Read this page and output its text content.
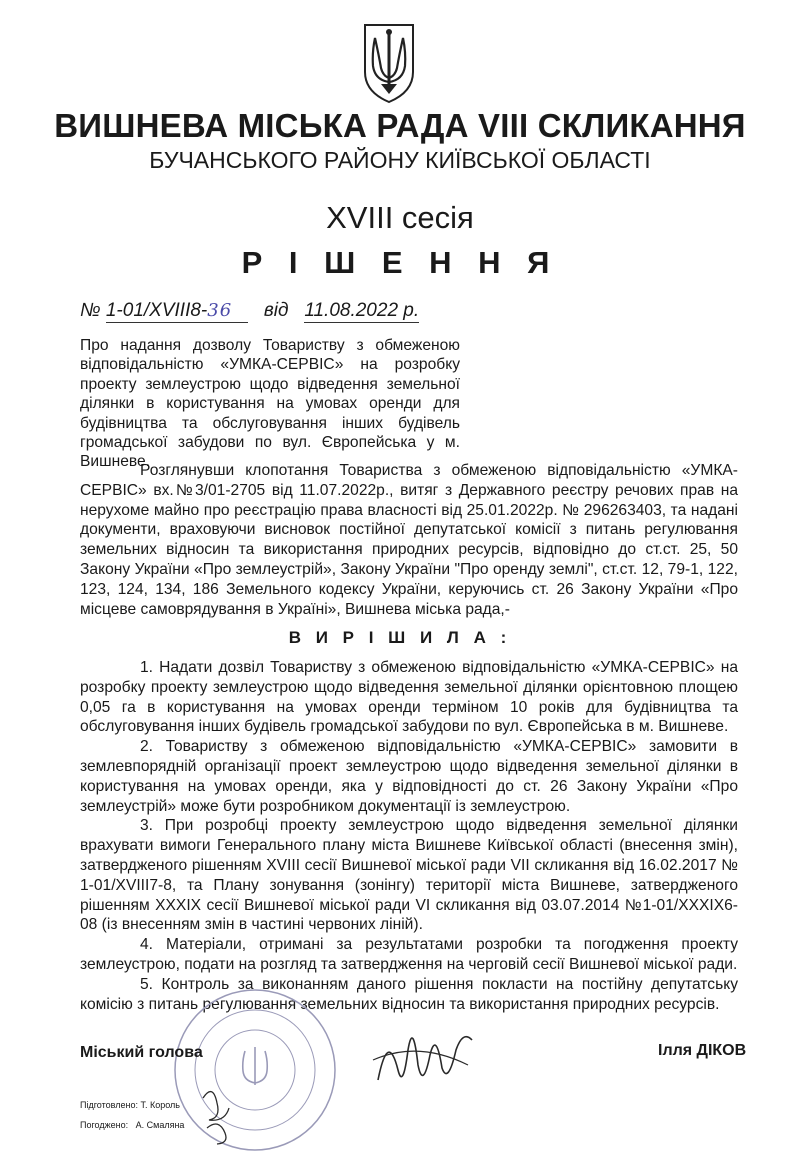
ВИШНЕВА МІСЬКА РАДА VIII СКЛИКАННЯ
БУЧАНСЬКОГО РАЙОНУ КИЇВСЬКОЇ ОБЛАСТІ
XVIII сесія
Р І Ш Е Н Н Я
№ 1-01/XVIII8-36 від 11.08.2022 р.
Про надання дозволу Товариству з обмеженою відповідальністю «УМКА-СЕРВІС» на розробку проекту землеустрою щодо відведення земельної ділянки в користування на умовах оренди для будівництва та обслуговування інших будівель громадської забудови по вул. Європейська у м. Вишневе.
Розглянувши клопотання Товариства з обмеженою відповідальністю «УМКА-СЕРВІС» вх.№3/01-2705 від 11.07.2022р., витяг з Державного реєстру речових прав на нерухоме майно про реєстрацію права власності від 25.01.2022р. № 296263403, та надані документи, враховуючи висновок постійної депутатської комісії з питань регулювання земельних відносин та використання природних ресурсів, відповідно до ст.ст. 25, 50 Закону України «Про землеустрій», Закону України "Про оренду землі", ст.ст. 12, 79-1, 122, 123, 124, 134, 186 Земельного кодексу України, керуючись ст. 26 Закону України «Про місцеве самоврядування в Україні», Вишнева міська рада,-
В И Р І Ш И Л А :

1. Надати дозвіл Товариству з обмеженою відповідальністю «УМКА-СЕРВІС» на розробку проекту землеустрою щодо відведення земельної ділянки орієнтовною площею 0,05 га в користування на умовах оренди терміном 10 років для будівництва та обслуговування інших будівель громадської забудови по вул. Європейська в м. Вишневе.

2. Товариству з обмеженою відповідальністю «УМКА-СЕРВІС» замовити в землевпорядній організації проект землеустрою щодо відведення земельної ділянки в користування на умовах оренди, яка у відповідності до ст. 26 Закону України «Про землеустрій» може бути розробником документації із землеустрою.

3. При розробці проекту землеустрою щодо відведення земельної ділянки врахувати вимоги Генерального плану міста Вишневе Київської області (внесення змін), затвердженого рішенням XVIII сесії Вишневої міської ради VII скликання від 16.02.2017 № 1-01/XVIII7-8, та Плану зонування (зонінгу) території міста Вишневе, затвердженого рішенням XXXIX сесії Вишневої міської ради VI скликання від 03.07.2014 №1-01/XXXIX6-08 (із внесенням змін в частині червоних ліній).

4. Матеріали, отримані за результатами розробки та погодження проекту землеустрою, подати на розгляд та затвердження на черговій сесії Вишневої міської ради.

5. Контроль за виконанням даного рішення покласти на постійну депутатську комісію з питань регулювання земельних відносин та використання природних ресурсів.

Міський голова	Ілля ДІКОВ
Підготовлено: Т. Король
Погоджено: А. Смаляна
